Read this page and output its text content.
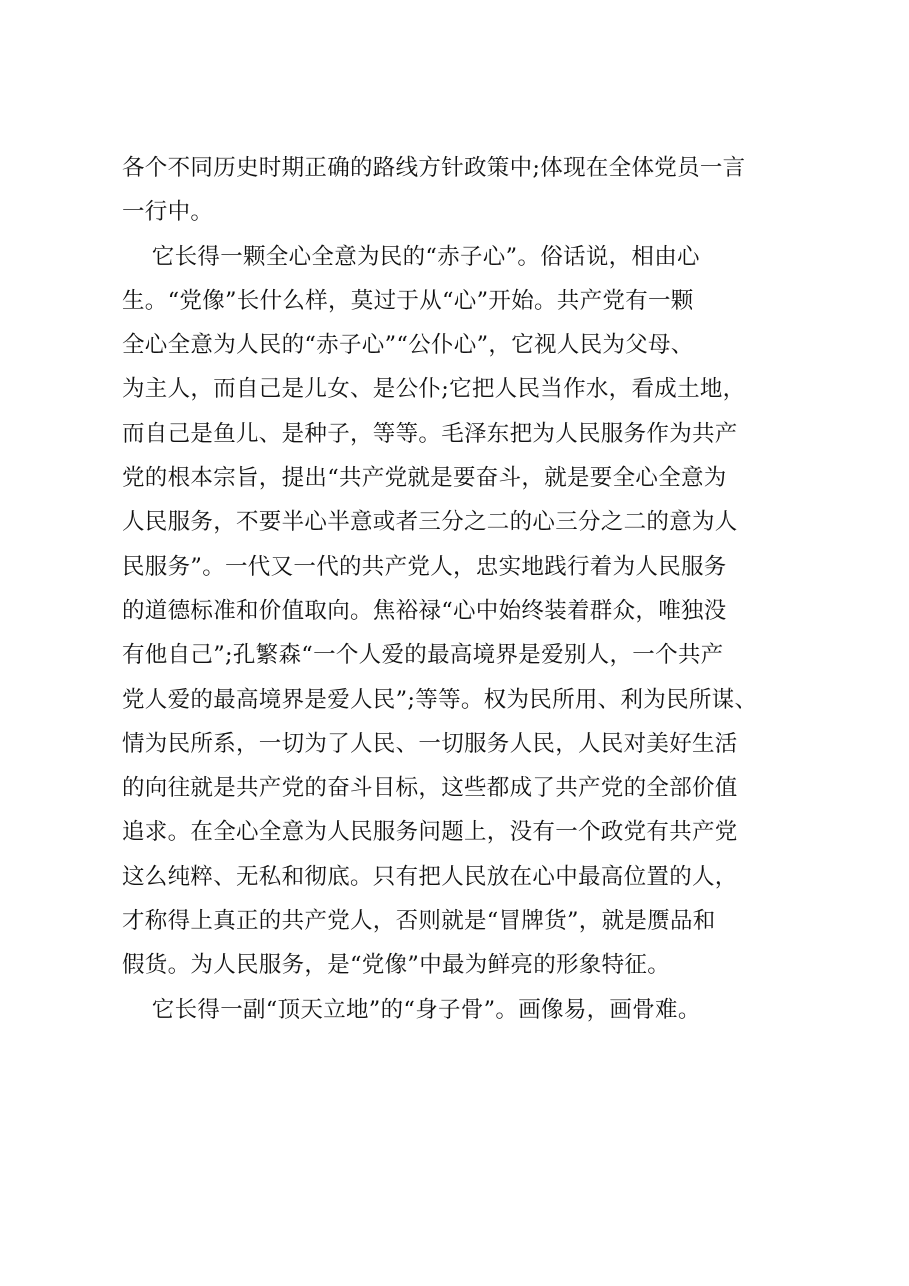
各个不同历史时期正确的路线方针政策中;体现在全体党员一言
一行中。
它长得一颗全心全意为民的“赤子心”。俗话说，相由心
生。“党像”长什么样，莫过于从“心”开始。共产党有一颗
全心全意为人民的“赤子心”“公仆心”，它视人民为父母、
为主人，而自己是儿女、是公仆;它把人民当作水，看成土地，
而自己是鱼儿、是种子，等等。毛泽东把为人民服务作为共产
党的根本宗旨，提出“共产党就是要奋斗，就是要全心全意为
人民服务，不要半心半意或者三分之二的心三分之二的意为人
民服务”。一代又一代的共产党人，忠实地践行着为人民服务
的道德标准和价值取向。焦裕禄“心中始终装着群众，唯独没
有他自己”;孔繁森“一个人爱的最高境界是爱别人，一个共产
党人爱的最高境界是爱人民”;等等。权为民所用、利为民所谋、
情为民所系，一切为了人民、一切服务人民，人民对美好生活
的向往就是共产党的奋斗目标，这些都成了共产党的全部价值
追求。在全心全意为人民服务问题上，没有一个政党有共产党
这么纯粹、无私和彻底。只有把人民放在心中最高位置的人，
才称得上真正的共产党人，否则就是“冒牌货”，就是赝品和
假货。为人民服务，是“党像”中最为鲜亮的形象特征。
它长得一副“顶天立地”的“身子骨”。画像易，画骨难。
